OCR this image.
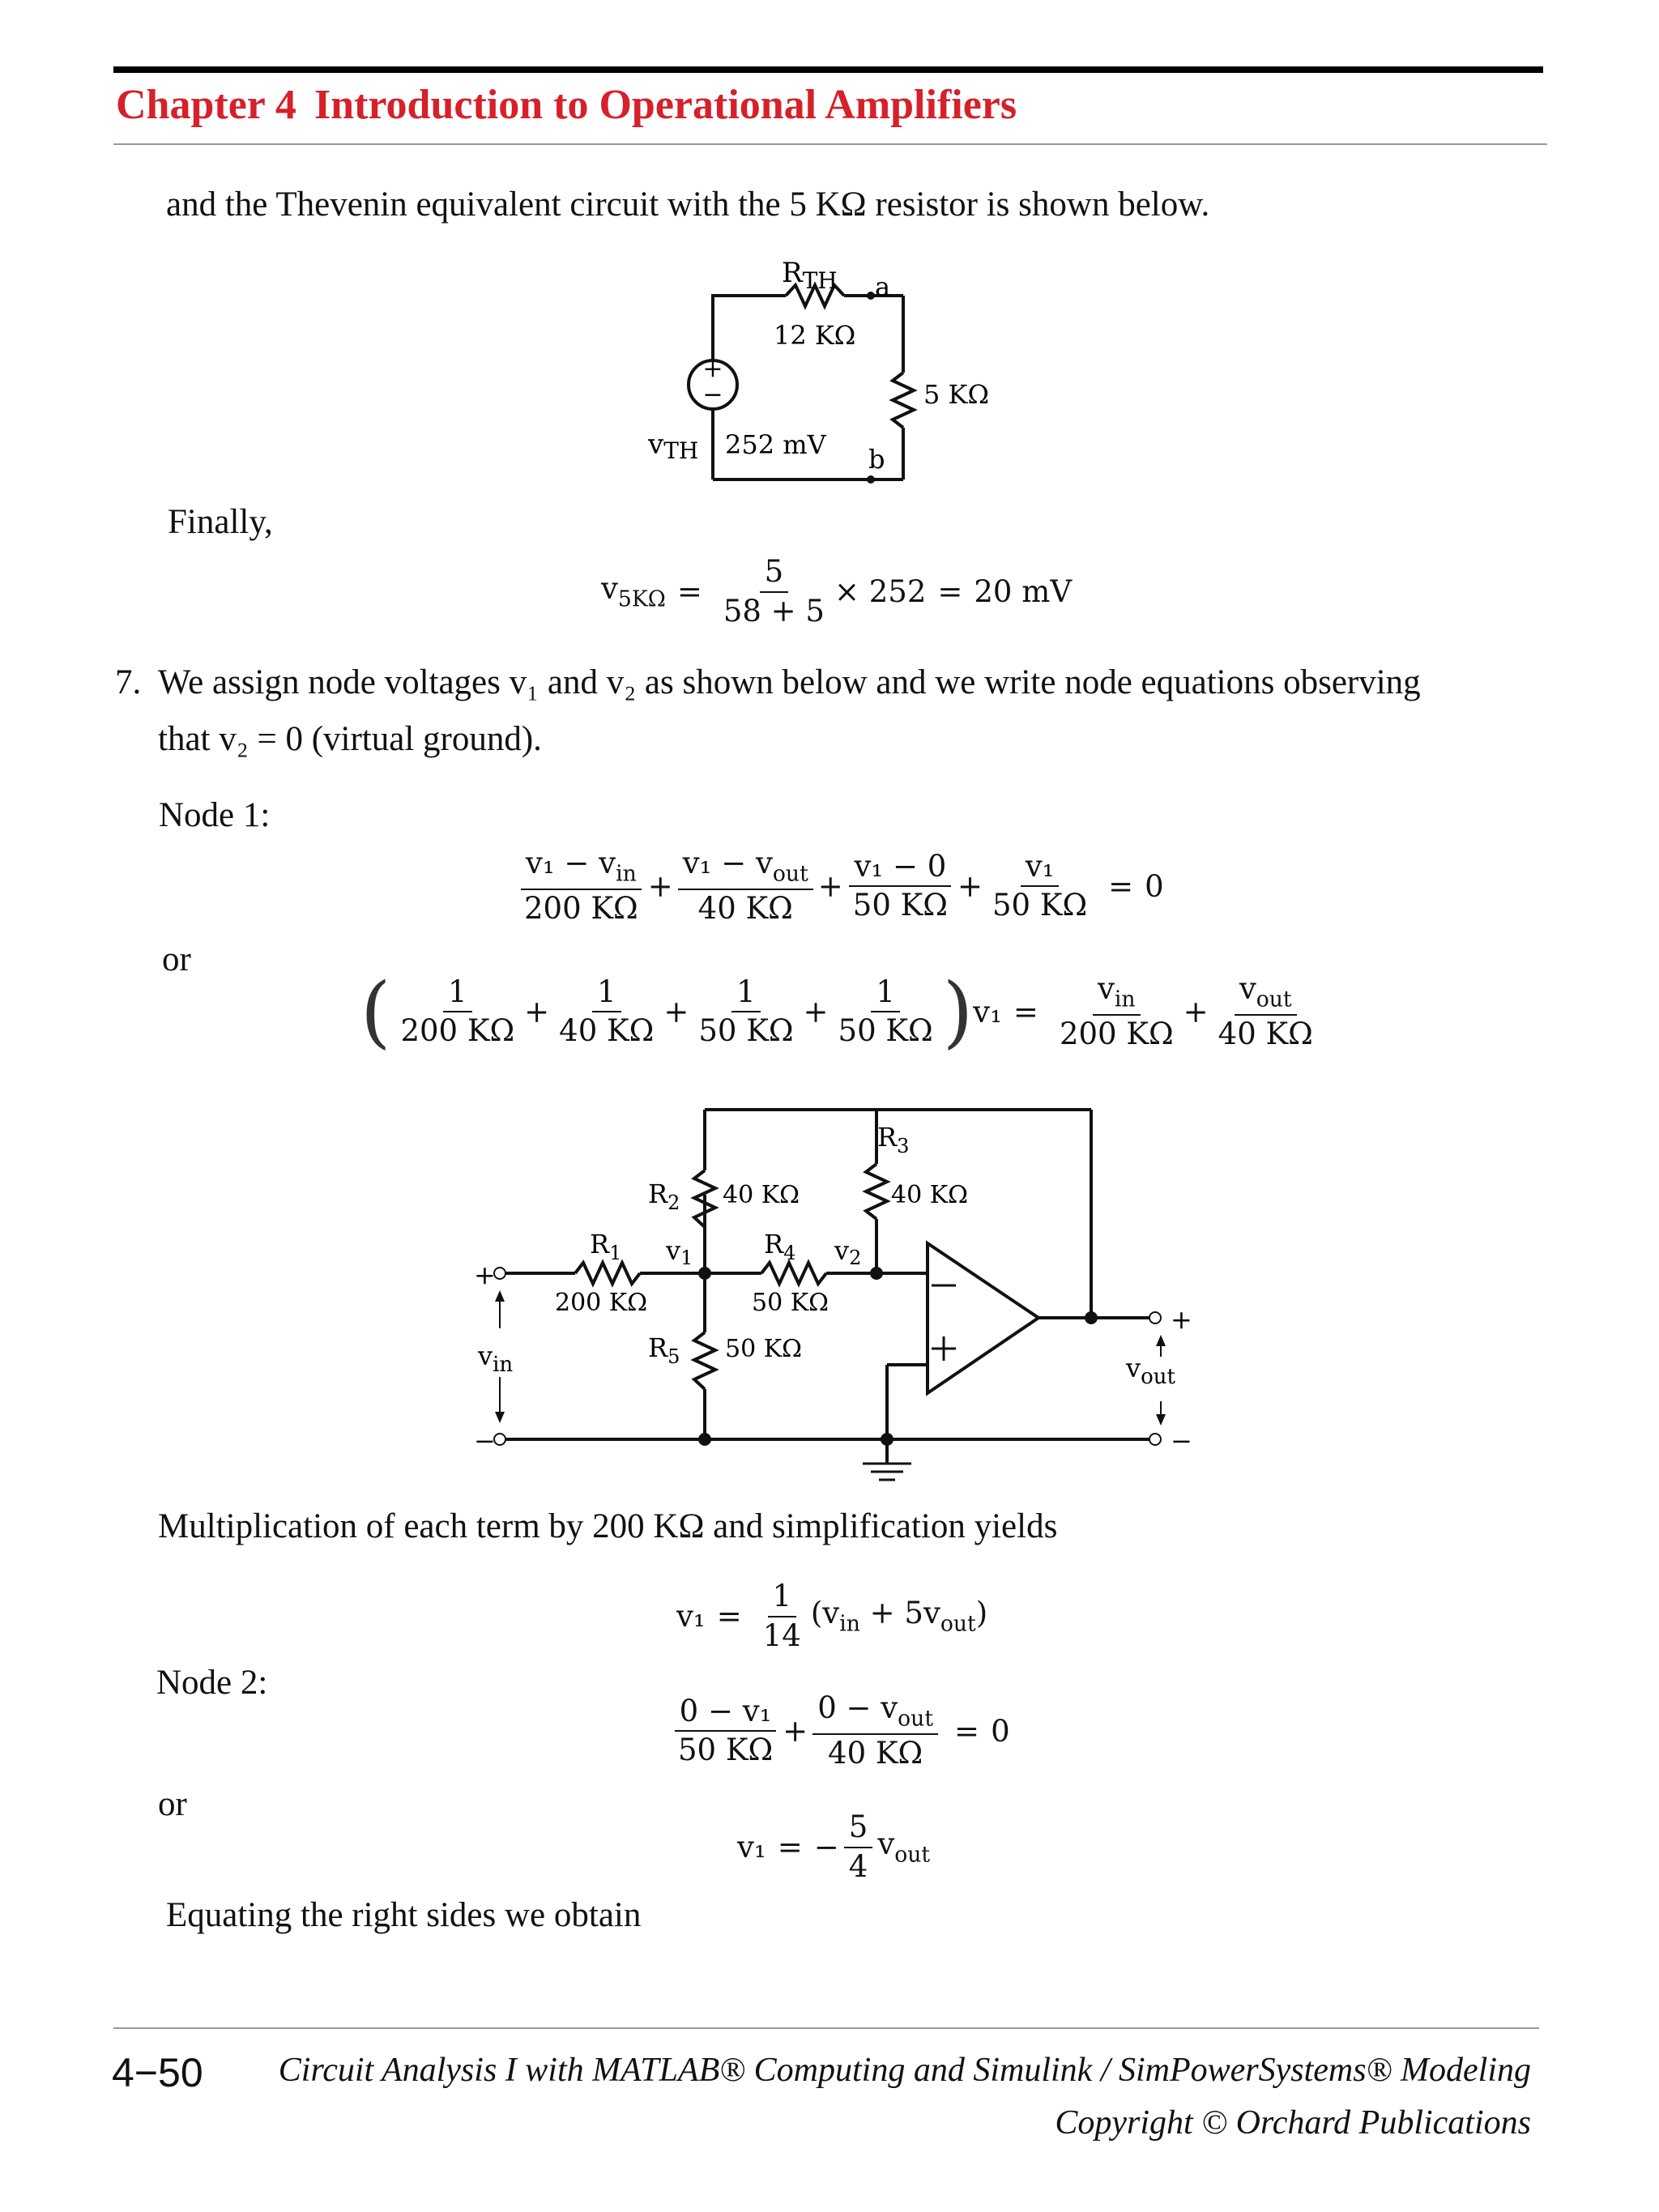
Chapter 4 Introduction to Operational Amplifiers
and the Thevenin equivalent circuit with the 5 KΩ resistor is shown below.
+
−
$R_{TH}$ a
12 KΩ
5 KΩ
vTH 252 mV b
Finally,
$v_{5K\Omega} = \frac{5}{58 + 5} \times 252 = 20$ mV
7. We assign node voltages v₁ and v₂ as shown below and we write node equations observing
that v₂ = 0 (virtual ground).
Node 1:
$\frac{v_1 - v_{in}}{200 K\Omega} + \frac{v_1 - v_{out}}{40 K\Omega} + \frac{\text{v₁ − 0}}{50 K\Omega} + \frac{\text{v₁}}{50 K\Omega} = 0$
or
( $\frac{1}{200 K\Omega} + \frac{1}{40 K\Omega} + \frac{1}{50 K\Omega} + \frac{1}{50 K\Omega}$ ) $v_1 = \frac{v_{in}}{200 K\Omega} + \frac{v_{out}}{40 K\Omega}$
+
−
$v_{in}$
$R_1$
200 KΩ
$R_2$ 40 KΩ
v1	$R_4$
50 KΩ
v2
$R_3$
40 KΩ
$R_5$ 50 KΩ
+
−
$v_{out}$
Multiplication of each term by 200 KΩ and simplification yields
$v_1 = \frac{1}{14} (v_{in} + 5v_{out})$
Node 2:
$\frac{\text{0 − v₁}}{50 K\Omega} + \frac{0 - v_{out}}{40 K\Omega} = 0$
or
v₁ = − $\frac{5}{4} v_{out}$
Equating the right sides we obtain
4−50 Circuit Analysis I with MATLAB® Computing and Simulink / SimPowerSystems® Modeling
Copyright © Orchard Publications
